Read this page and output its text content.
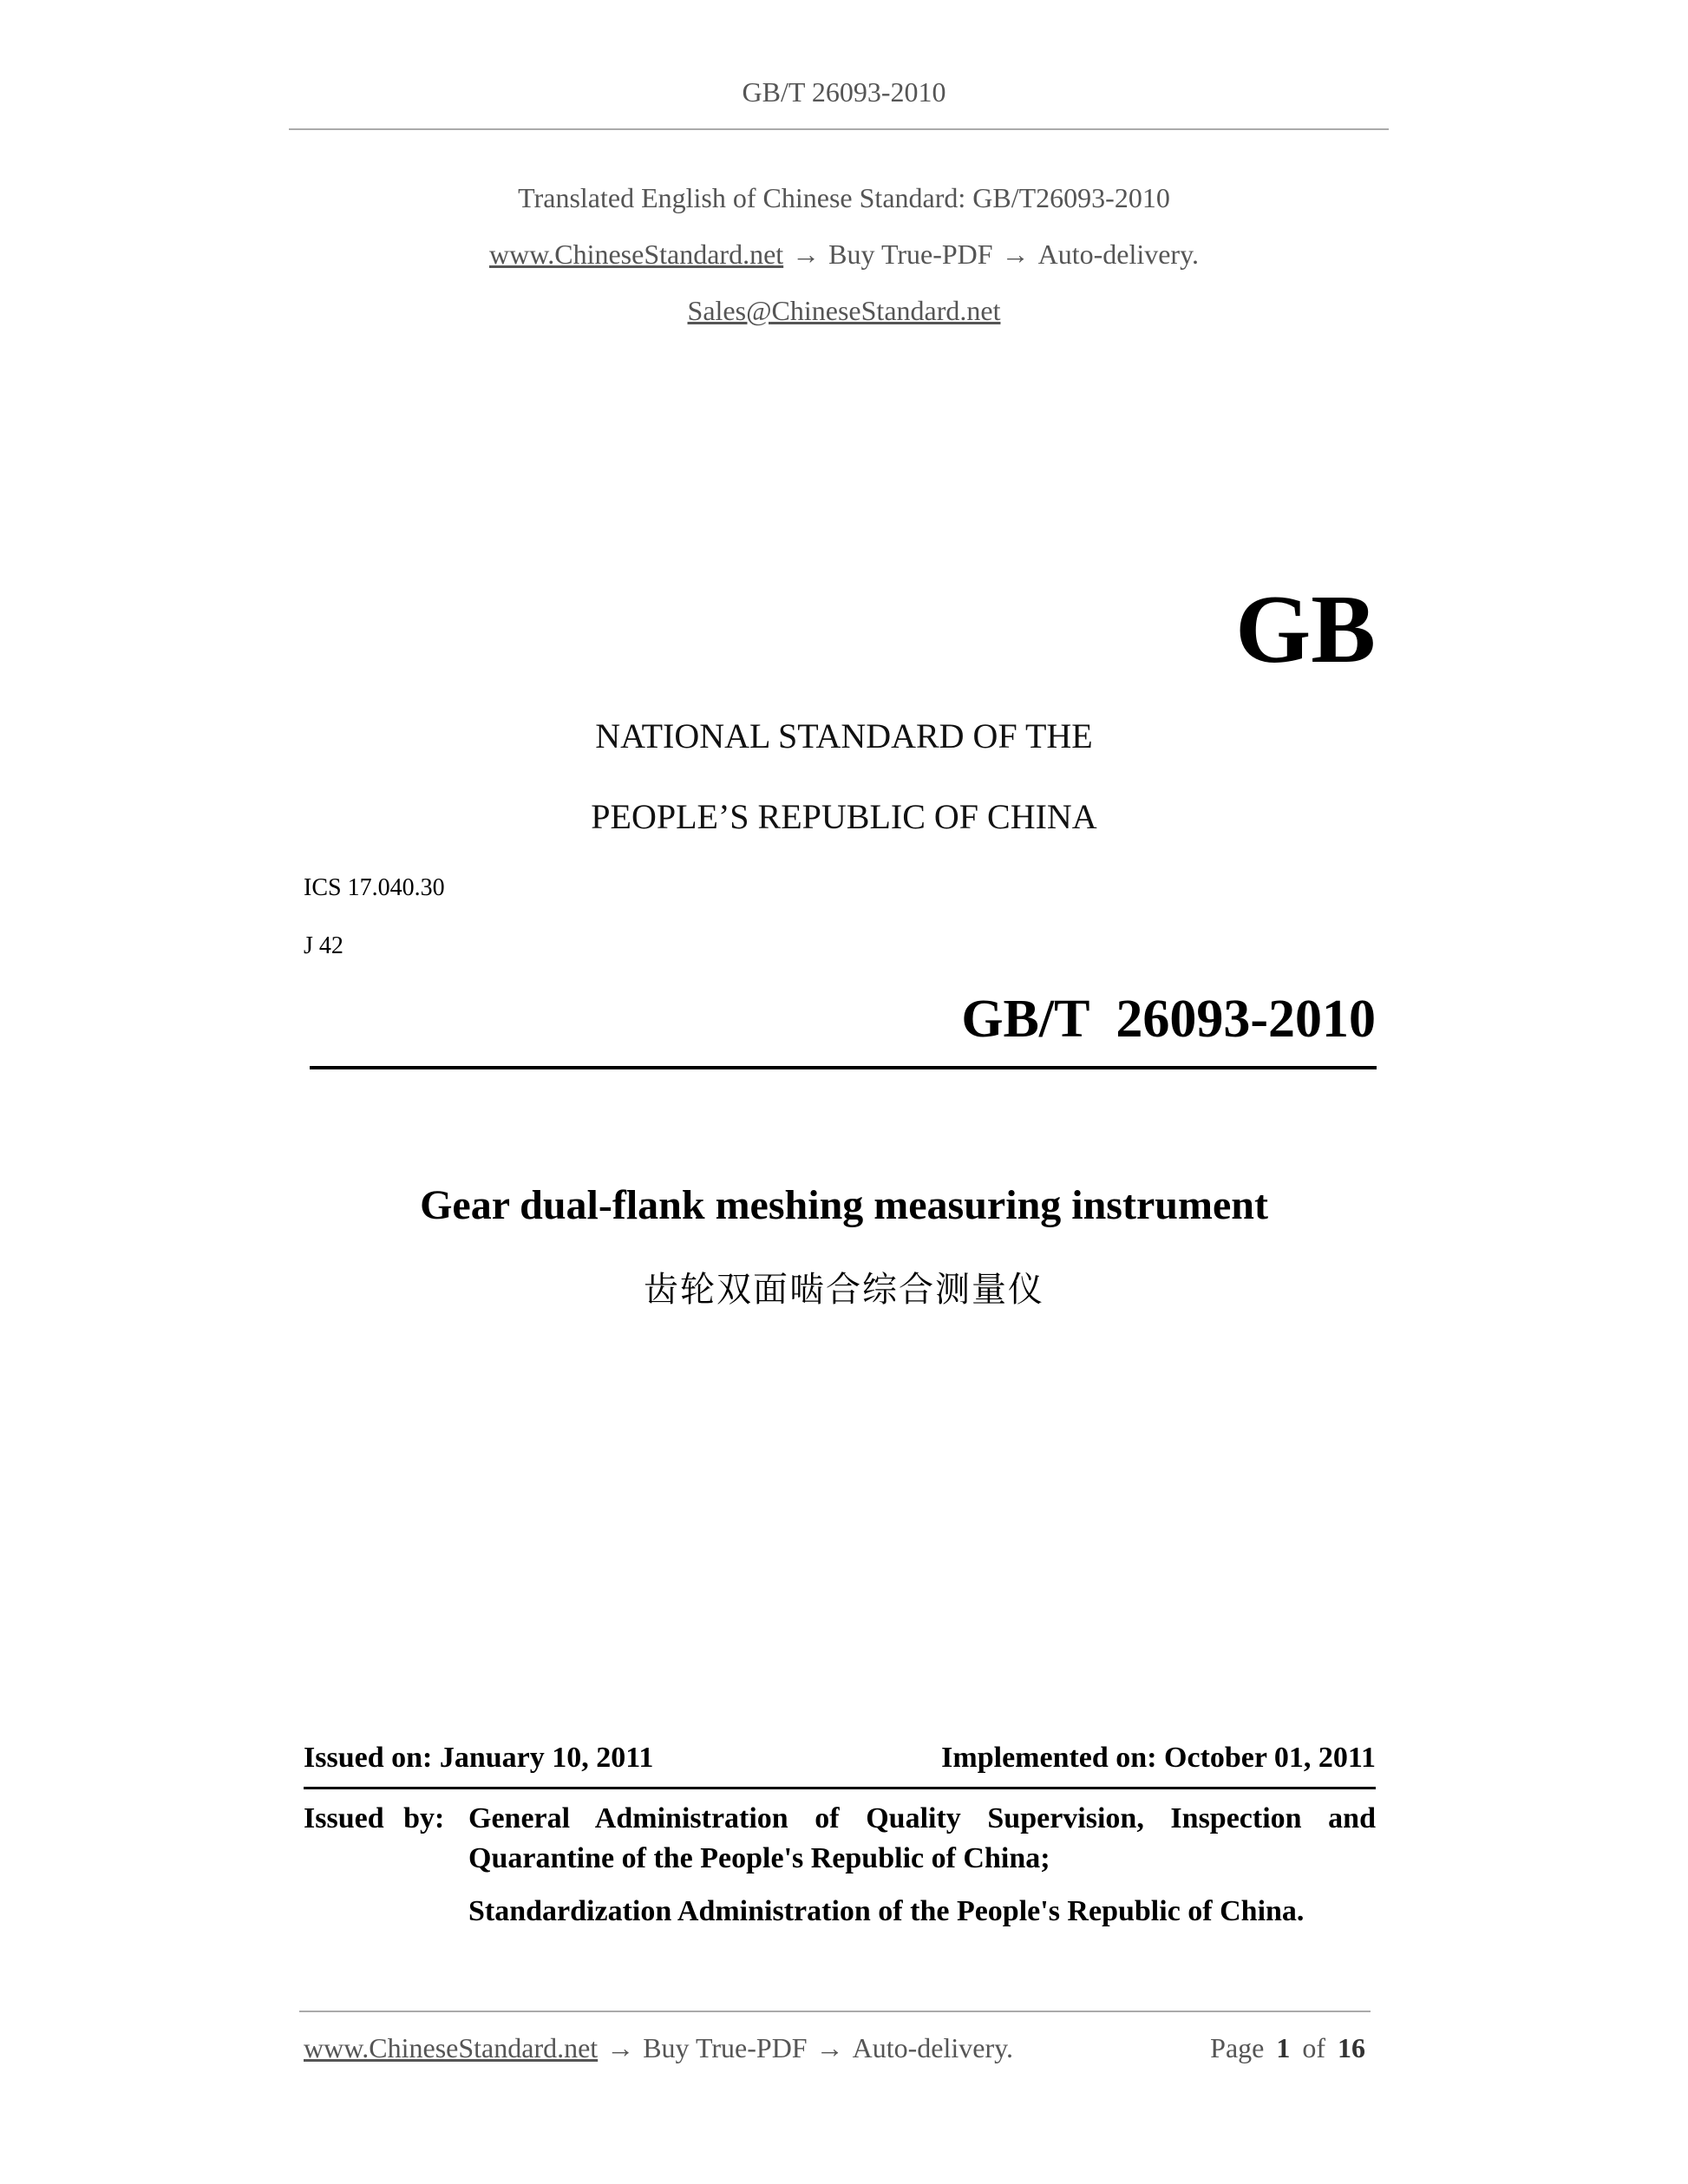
GB/T 26093-2010
Translated English of Chinese Standard: GB/T26093-2010
www.ChineseStandard.net → Buy True-PDF → Auto-delivery.
Sales@ChineseStandard.net
GB
NATIONAL STANDARD OF THE
PEOPLE’S REPUBLIC OF CHINA
ICS 17.040.30
J 42
GB/T  26093-2010
Gear dual-flank meshing measuring instrument
齿轮双面啮合综合测量仪
Issued on: January 10, 2011	Implemented on: October 01, 2011
Issued by: General Administration of Quality Supervision, Inspection and
Quarantine of the People's Republic of China;
Standardization Administration of the People's Republic of China.
www.ChineseStandard.net → Buy True-PDF → Auto-delivery.	Page 1 of 16
